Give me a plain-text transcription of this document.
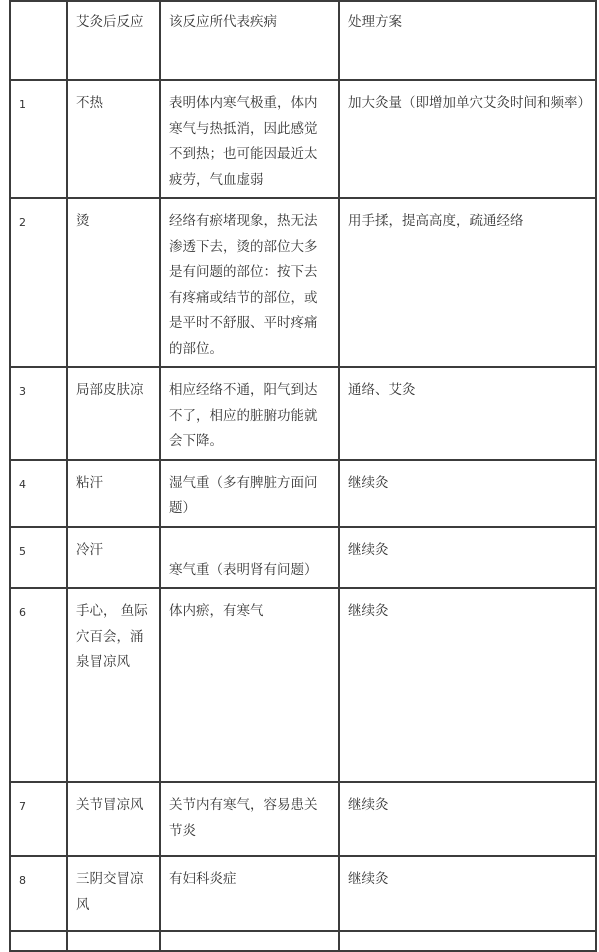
	艾灸后反应	该反应所代表疾病	处理方案
1	不热	表明体内寒气极重，体内寒气与热抵消，因此感觉不到热；也可能因最近太疲劳，气血虚弱	加大灸量（即增加单穴艾灸时间和频率）
2	烫	经络有瘀堵现象，热无法渗透下去，烫的部位大多是有问题的部位：按下去有疼痛或结节的部位，或是平时不舒服、平时疼痛的部位。	用手揉，提高高度，疏通经络
3	局部皮肤凉	相应经络不通，阳气到达不了，相应的脏腑功能就会下降。	通络、艾灸
4	粘汗	湿气重（多有脾脏方面问题）	继续灸
5	冷汗	寒气重（表明肾有问题）	继续灸
6	手心， 鱼际穴百会，涌泉冒凉风	体内瘀，有寒气	继续灸
7	关节冒凉风	关节内有寒气，容易患关节炎	继续灸
8	三阴交冒凉风	有妇科炎症	继续灸
